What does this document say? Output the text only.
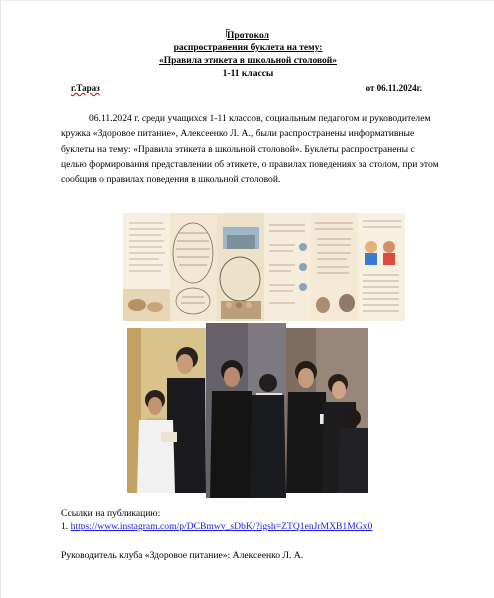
Протокол
распространения буклета на тему:
«Правила этикета в школьной столовой»
1-11 классы
г.Тараз	от 06.11.2024г.
06.11.2024 г. среди учащихся 1-11 классов, социальным педагогом и руководителем кружка «Здоровое питание», Алексеенко Л. А., были распространены информативные буклеты на тему: «Правила этикета в школьной столовой». Буклеты распространены с целью формирования представлении об этикете, о правилах поведениях за столом, при этом сообщив о правилах поведения в школьной столовой.
Ссылки на публикацию:
1. https://www.instagram.com/p/DCBmwv_sDbK/?igsh=ZTQ1enJrMXB1MGx0
Руководитель клуба «Здоровое питание»: Алексеенко Л. А.
